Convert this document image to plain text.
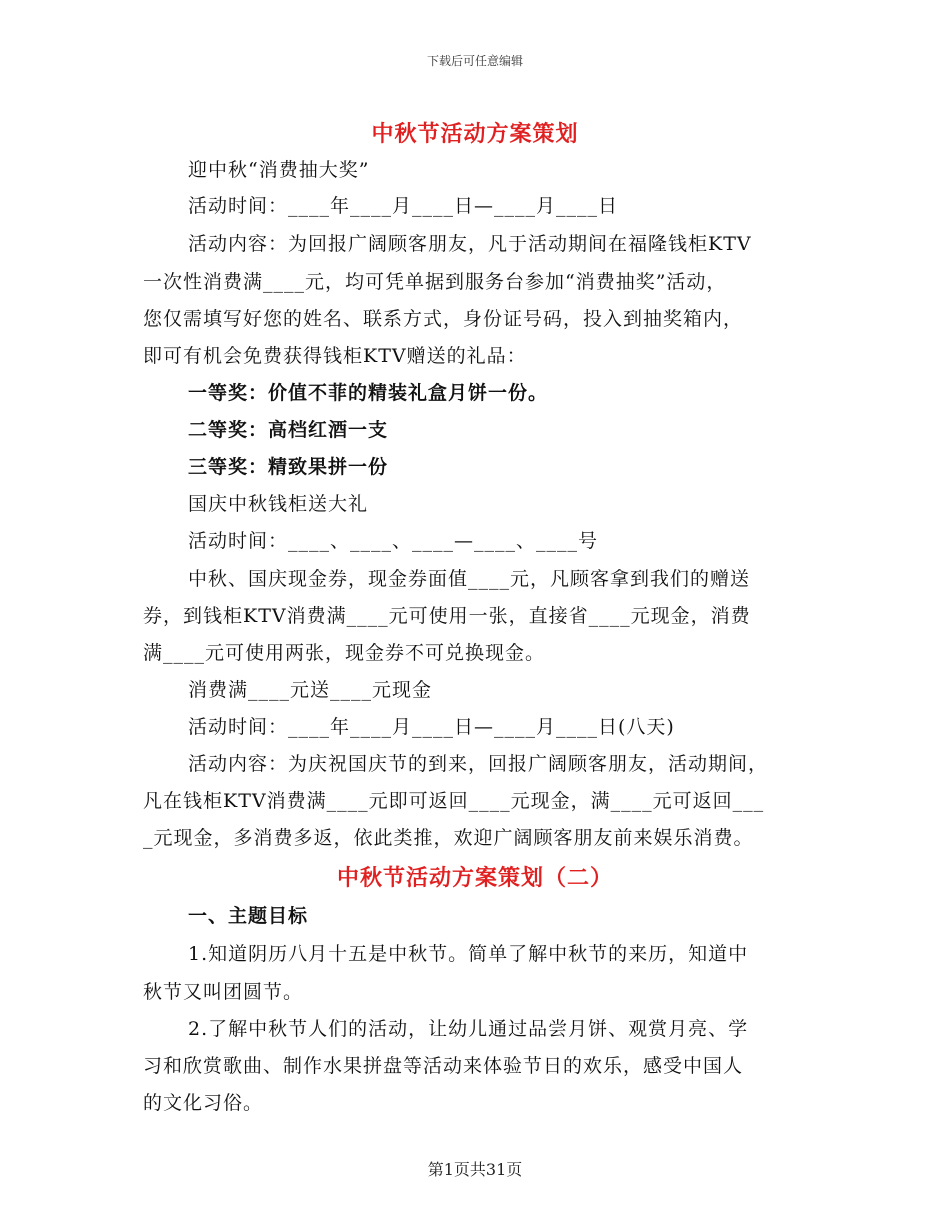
下载后可任意编辑
中秋节活动方案策划
迎中秋“消费抽大奖”
活动时间：____年____月____日—____月____日
活动内容：为回报广阔顾客朋友，凡于活动期间在福隆钱柜KTV
一次性消费满____元，均可凭单据到服务台参加“消费抽奖”活动，
您仅需填写好您的姓名、联系方式，身份证号码，投入到抽奖箱内，
即可有机会免费获得钱柜KTV赠送的礼品：
一等奖：价值不菲的精装礼盒月饼一份。
二等奖：高档红酒一支
三等奖：精致果拼一份
国庆中秋钱柜送大礼
活动时间：____、____、____—____、____号
中秋、国庆现金券，现金券面值____元，凡顾客拿到我们的赠送
券，到钱柜KTV消费满____元可使用一张，直接省____元现金，消费
满____元可使用两张，现金券不可兑换现金。
消费满____元送____元现金
活动时间：____年____月____日—____月____日(八天)
活动内容：为庆祝国庆节的到来，回报广阔顾客朋友，活动期间，
凡在钱柜KTV消费满____元即可返回____元现金，满____元可返回___
_元现金，多消费多返，依此类推，欢迎广阔顾客朋友前来娱乐消费。
中秋节活动方案策划（二）
一、主题目标
1.知道阴历八月十五是中秋节。简单了解中秋节的来历，知道中
秋节又叫团圆节。
2.了解中秋节人们的活动，让幼儿通过品尝月饼、观赏月亮、学
习和欣赏歌曲、制作水果拼盘等活动来体验节日的欢乐，感受中国人
的文化习俗。
第1页共31页
